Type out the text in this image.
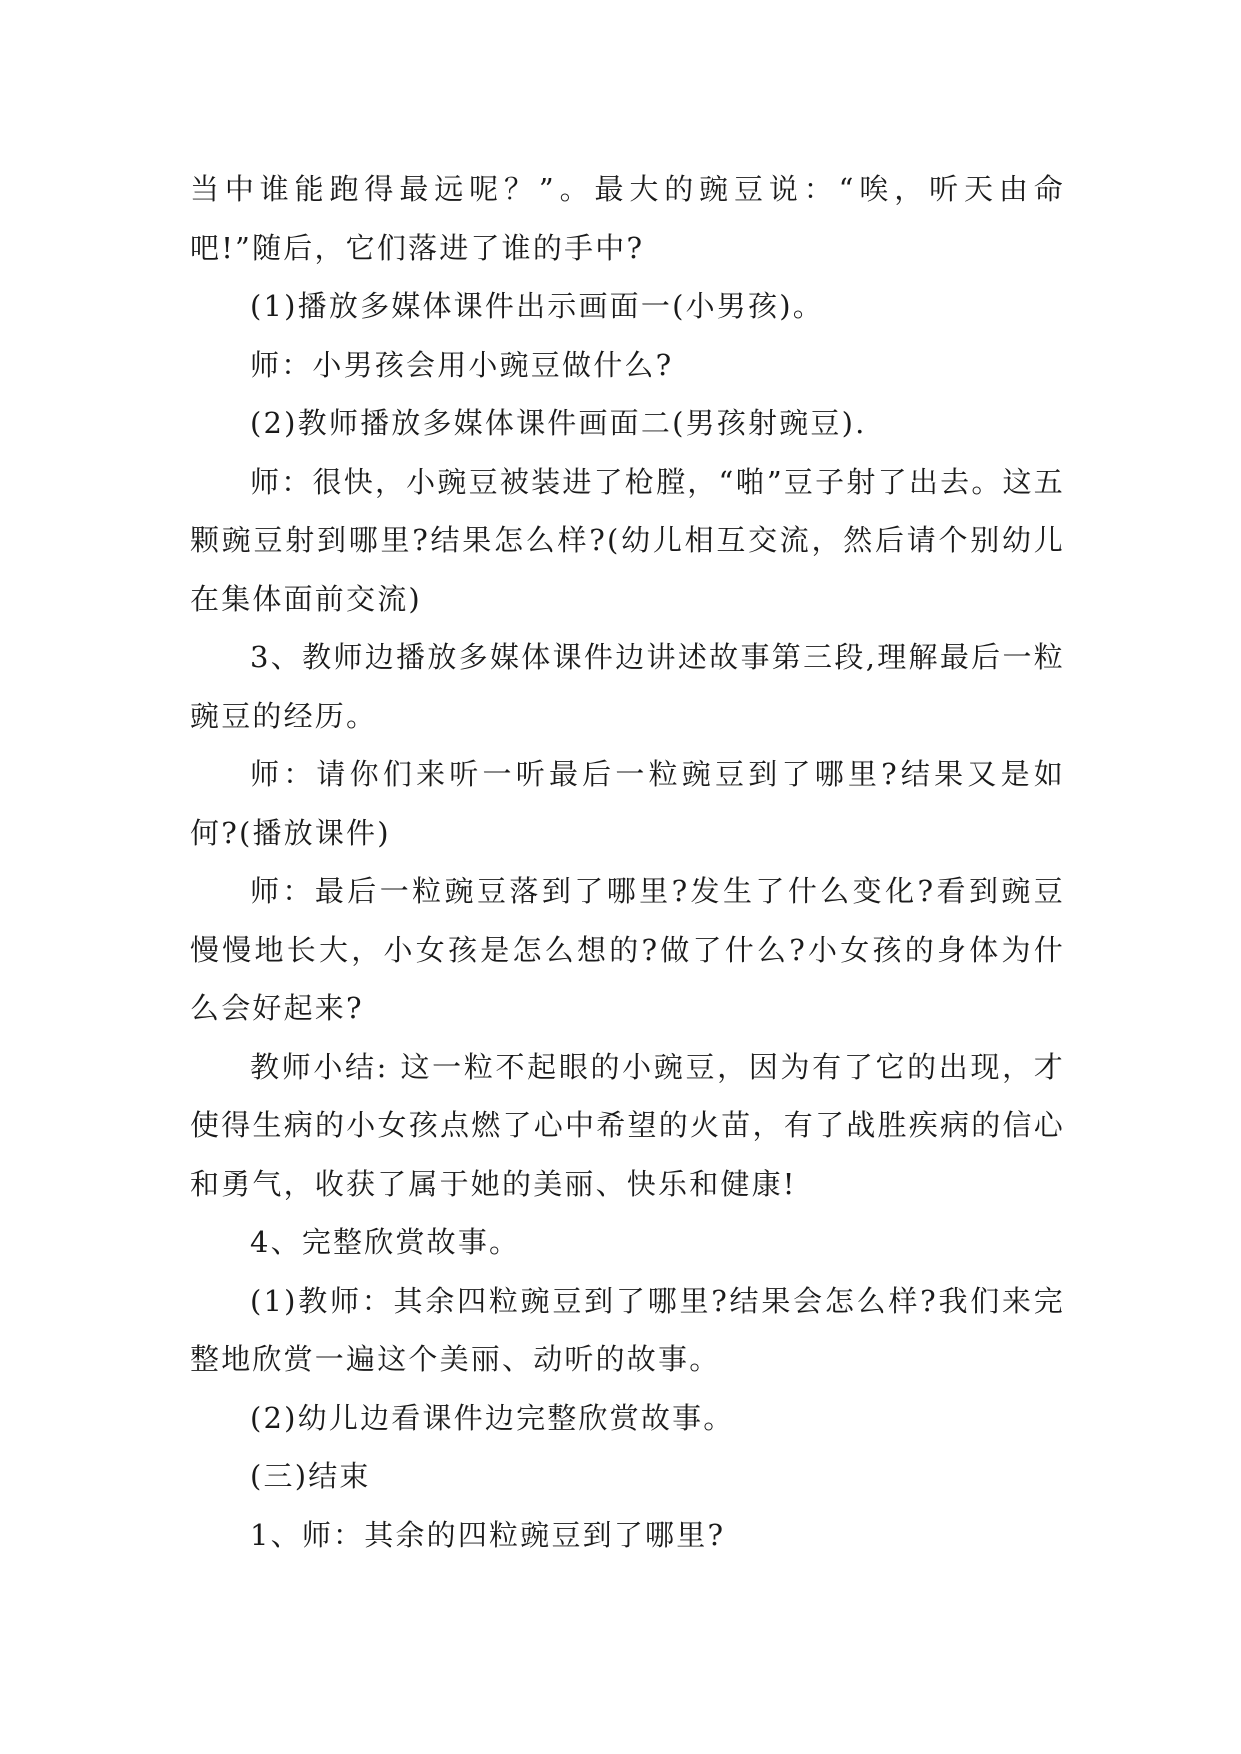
当中谁能跑得最远呢？”。最大的豌豆说：“唉，听天由命吧!”随后，它们落进了谁的手中?

(1)播放多媒体课件出示画面一(小男孩)。

师：小男孩会用小豌豆做什么?

(2)教师播放多媒体课件画面二(男孩射豌豆).

师：很快，小豌豆被装进了枪膛，“啪”豆子射了出去。这五颗豌豆射到哪里?结果怎么样?(幼儿相互交流，然后请个别幼儿在集体面前交流)

3、教师边播放多媒体课件边讲述故事第三段,理解最后一粒豌豆的经历。

师：请你们来听一听最后一粒豌豆到了哪里?结果又是如何?(播放课件)

师：最后一粒豌豆落到了哪里?发生了什么变化?看到豌豆慢慢地长大，小女孩是怎么想的?做了什么?小女孩的身体为什么会好起来?

教师小结: 这一粒不起眼的小豌豆，因为有了它的出现，才使得生病的小女孩点燃了心中希望的火苗，有了战胜疾病的信心和勇气，收获了属于她的美丽、快乐和健康!

4、完整欣赏故事。

(1)教师：其余四粒豌豆到了哪里?结果会怎么样?我们来完整地欣赏一遍这个美丽、动听的故事。

(2)幼儿边看课件边完整欣赏故事。

(三)结束

1、师：其余的四粒豌豆到了哪里?
